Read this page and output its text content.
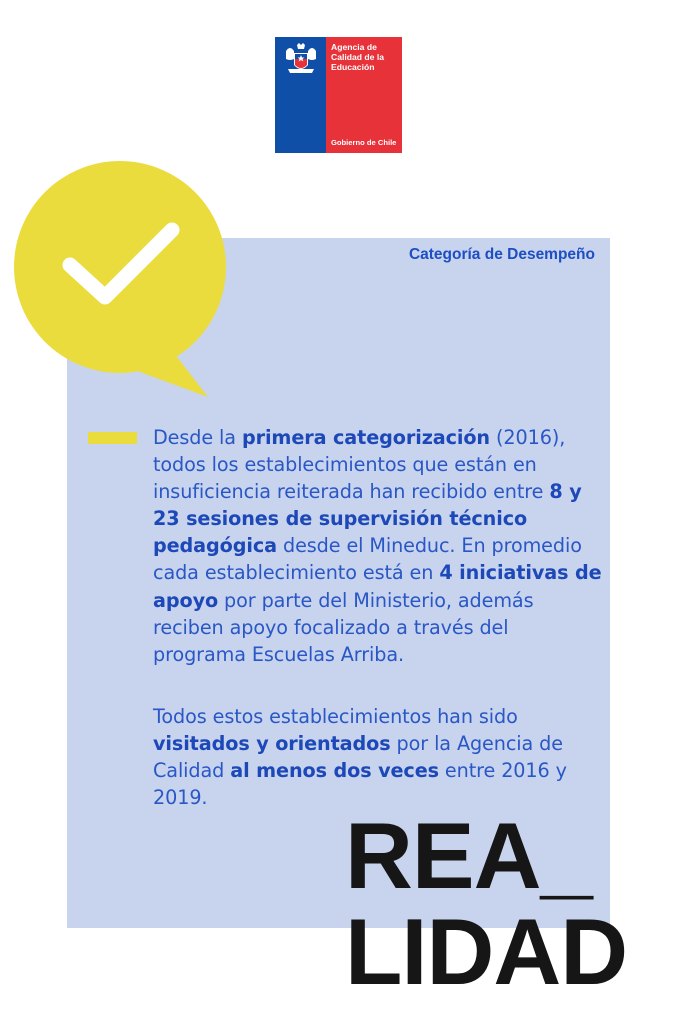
Agencia de Calidad de la Educación
Gobierno de Chile
Categoría de Desempeño

Desde la primera categorización (2016), todos los establecimientos que están en insuficiencia reiterada han recibido entre 8 y 23 sesiones de supervisión técnico pedagógica desde el Mineduc. En promedio cada establecimiento está en 4 iniciativas de apoyo por parte del Ministerio, además reciben apoyo focalizado a través del programa Escuelas Arriba.

Todos estos establecimientos han sido visitados y orientados por la Agencia de Calidad al menos dos veces entre 2016 y 2019.

REA_
LIDAD
